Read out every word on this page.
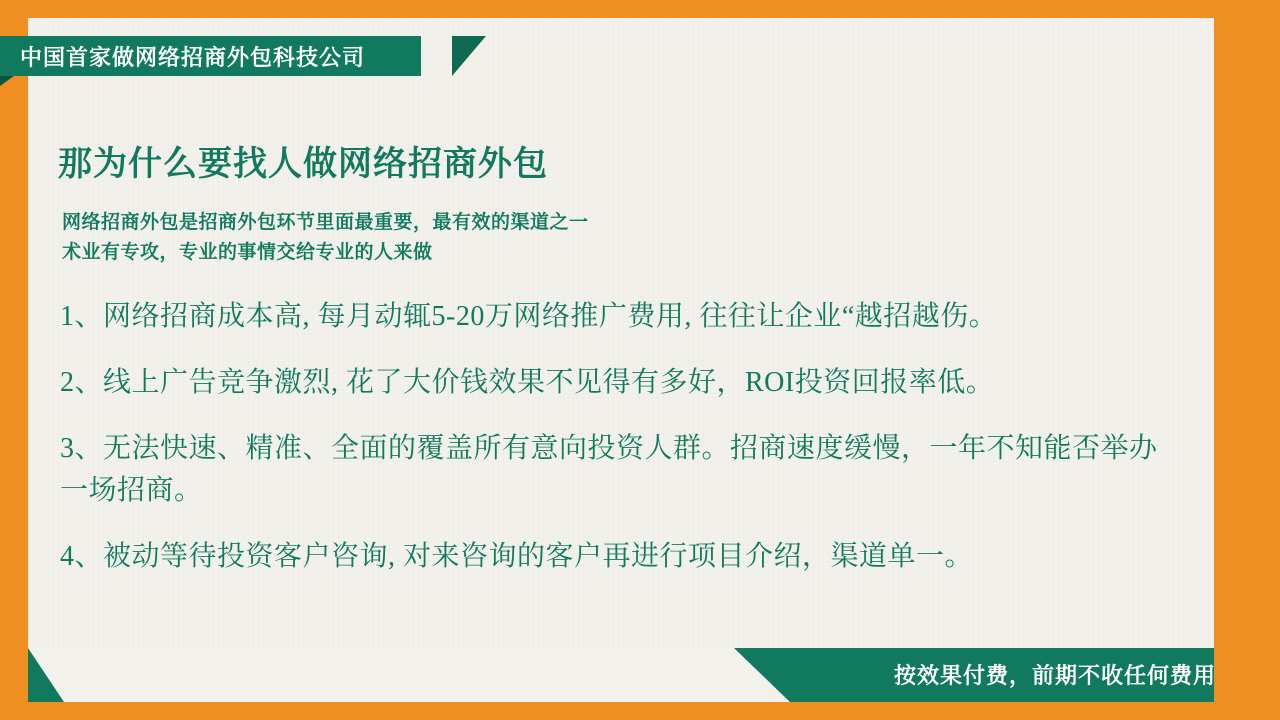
中国首家做网络招商外包科技公司
那为什么要找人做网络招商外包
网络招商外包是招商外包环节里面最重要，最有效的渠道之一
术业有专攻，专业的事情交给专业的人来做
1、网络招商成本高, 每月动辄5-20万网络推广费用, 往往让企业“越招越伤。
2、线上广告竞争激烈, 花了大价钱效果不见得有多好，ROI投资回报率低。
3、无法快速、精准、全面的覆盖所有意向投资人群。招商速度缓慢，一年不知能否举办一场招商。
4、被动等待投资客户咨询, 对来咨询的客户再进行项目介绍，渠道单一。
按效果付费，前期不收任何费用
